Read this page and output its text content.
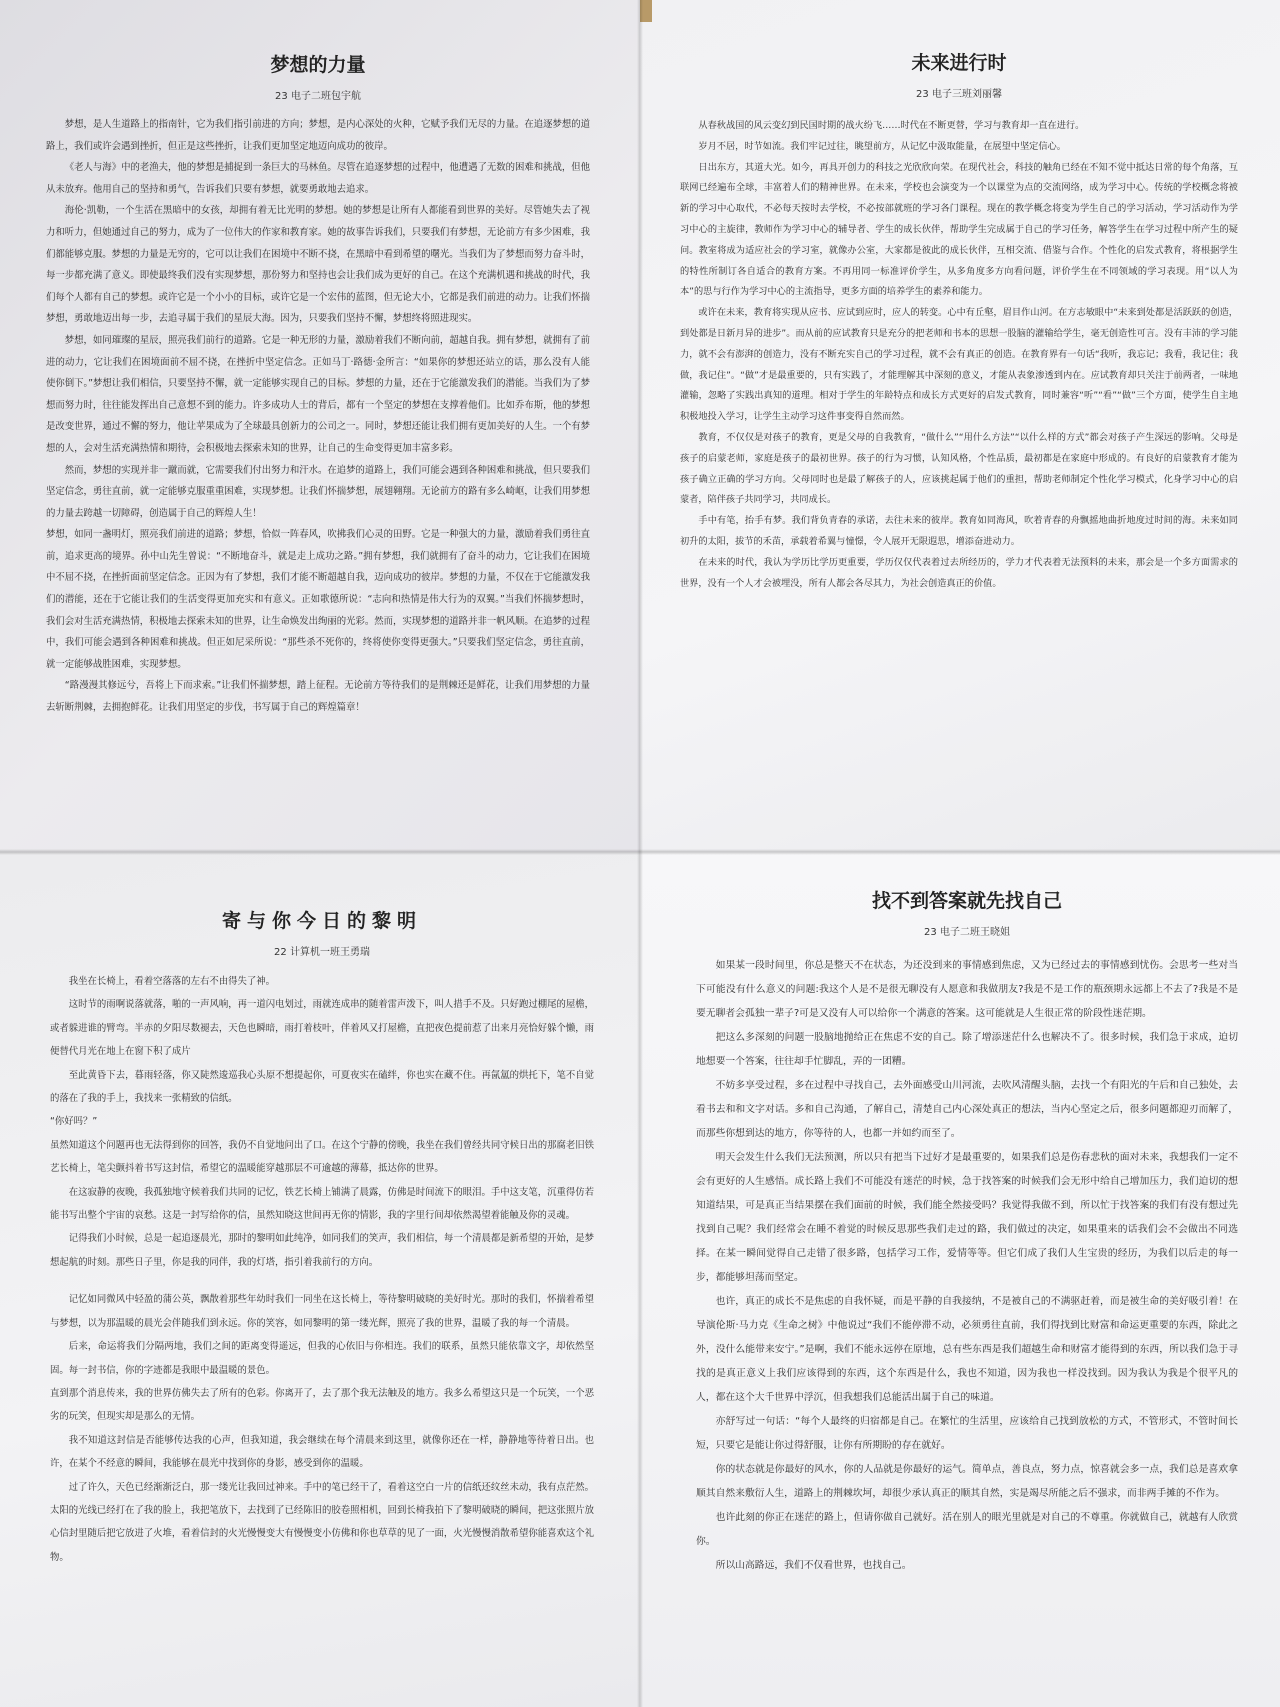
梦想的力量
23 电子二班包宇航

梦想，是人生道路上的指南针，它为我们指引前进的方向；梦想，是内心深处的火种，它赋予我们无尽的力量。在追逐梦想的道路上，我们或许会遇到挫折，但正是这些挫折，让我们更加坚定地迈向成功的彼岸。

《老人与海》中的老渔夫，他的梦想是捕捉到一条巨大的马林鱼。尽管在追逐梦想的过程中，他遭遇了无数的困难和挑战，但他从未放弃。他用自己的坚持和勇气，告诉我们只要有梦想，就要勇敢地去追求。

海伦·凯勒，一个生活在黑暗中的女孩，却拥有着无比光明的梦想。她的梦想是让所有人都能看到世界的美好。尽管她失去了视力和听力，但她通过自己的努力，成为了一位伟大的作家和教育家。她的故事告诉我们，只要我们有梦想，无论前方有多少困难，我们都能够克服。梦想的力量是无穷的，它可以让我们在困境中不断不挠，在黑暗中看到希望的曙光。当我们为了梦想而努力奋斗时，每一步都充满了意义。即使最终我们没有实现梦想，那份努力和坚持也会让我们成为更好的自己。在这个充满机遇和挑战的时代，我们每个人都有自己的梦想。或许它是一个小小的目标，或许它是一个宏伟的蓝图，但无论大小，它都是我们前进的动力。让我们怀揣梦想，勇敢地迈出每一步，去追寻属于我们的星辰大海。因为，只要我们坚持不懈，梦想终将照进现实。

梦想，如同璀璨的星辰，照亮我们前行的道路。它是一种无形的力量，激励着我们不断向前，超越自我。拥有梦想，就拥有了前进的动力，它让我们在困境面前不屈不挠，在挫折中坚定信念。正如马丁·路德·金所言：“如果你的梦想还站立的话，那么没有人能使你倒下。”梦想让我们相信，只要坚持不懈，就一定能够实现自己的目标。梦想的力量，还在于它能激发我们的潜能。当我们为了梦想而努力时，往往能发挥出自己意想不到的能力。许多成功人士的背后，都有一个坚定的梦想在支撑着他们。比如乔布斯，他的梦想是改变世界，通过不懈的努力，他让苹果成为了全球最具创新力的公司之一。同时，梦想还能让我们拥有更加美好的人生。一个有梦想的人，会对生活充满热情和期待，会积极地去探索未知的世界，让自己的生命变得更加丰富多彩。

然而，梦想的实现并非一蹴而就，它需要我们付出努力和汗水。在追梦的道路上，我们可能会遇到各种困难和挑战，但只要我们坚定信念，勇往直前，就一定能够克服重重困难，实现梦想。让我们怀揣梦想，展翅翱翔。无论前方的路有多么崎岖，让我们用梦想的力量去跨越一切障碍，创造属于自己的辉煌人生！

梦想，如同一盏明灯，照亮我们前进的道路；梦想，恰似一阵春风，吹拂我们心灵的田野。它是一种强大的力量，激励着我们勇往直前，追求更高的境界。孙中山先生曾说：“不断地奋斗，就是走上成功之路。”拥有梦想，我们就拥有了奋斗的动力，它让我们在困境中不屈不挠，在挫折面前坚定信念。正因为有了梦想，我们才能不断超越自我，迈向成功的彼岸。梦想的力量，不仅在于它能激发我们的潜能，还在于它能让我们的生活变得更加充实和有意义。正如歌德所说：“志向和热情是伟大行为的双翼。”当我们怀揣梦想时，我们会对生活充满热情，积极地去探索未知的世界，让生命焕发出绚丽的光彩。然而，实现梦想的道路并非一帆风顺。在追梦的过程中，我们可能会遇到各种困难和挑战。但正如尼采所说：“那些杀不死你的，终将使你变得更强大。”只要我们坚定信念，勇往直前，就一定能够战胜困难，实现梦想。

“路漫漫其修远兮，吾将上下而求索。”让我们怀揣梦想，踏上征程。无论前方等待我们的是荆棘还是鲜花，让我们用梦想的力量去斩断荆棘，去拥抱鲜花。让我们用坚定的步伐，书写属于自己的辉煌篇章！

未来进行时
23 电子三班刘丽馨

从春秋战国的风云变幻到民国时期的战火纷飞……时代在不断更替，学习与教育却一直在进行。

岁月不居，时节如流。我们牢记过往，眺望前方，从记忆中汲取能量，在展望中坚定信心。

日出东方，其道大光。如今，再具开创力的科技之光欣欣向荣。在现代社会，科技的触角已经在不知不觉中抵达日常的每个角落，互联网已经遍布全球，丰富着人们的精神世界。在未来，学校也会演变为一个以课堂为点的交流网络，成为学习中心。传统的学校概念将被新的学习中心取代，不必每天按时去学校，不必按部就班的学习各门课程。现在的教学概念将变为学生自己的学习活动，学习活动作为学习中心的主旋律，教师作为学习中心的辅导者、学生的成长伙伴，帮助学生完成属于自己的学习任务，解答学生在学习过程中所产生的疑问。教室将成为适应社会的学习室，就像办公室，大家都是彼此的成长伙伴，互相交流、借鉴与合作。个性化的启发式教育，将根据学生的特性所制订各自适合的教育方案。不再用同一标准评价学生，从多角度多方向看问题，评价学生在不同领域的学习表现。用“以人为本”的思与行作为学习中心的主流指导，更多方面的培养学生的素养和能力。

或许在未来，教育将实现从应书、应试到应时，应人的转变。心中有丘壑，眉目作山河。在方志敏眼中“未来到处都是活跃跃的创造，到处都是日新月异的进步”。而从前的应试教育只是充分的把老师和书本的思想一股脑的灌输给学生，毫无创造性可言。没有丰沛的学习能力，就不会有澎湃的创造力，没有不断充实自己的学习过程，就不会有真正的创造。在教育界有一句话“我听，我忘记；我看，我记住；我做，我记住”。“做”才是最重要的，只有实践了，才能理解其中深刻的意义，才能从表象渗透到内在。应试教育却只关注于前两者，一味地灌输，忽略了实践出真知的道理。相对于学生的年龄特点和成长方式更好的启发式教育，同时兼容“听”“看”“做”三个方面，使学生自主地积极地投入学习，让学生主动学习这件事变得自然而然。

教育，不仅仅是对孩子的教育，更是父母的自我教育，“做什么”“用什么方法”“以什么样的方式”都会对孩子产生深远的影响。父母是孩子的启蒙老师，家庭是孩子的最初世界。孩子的行为习惯，认知风格，个性品质，最初都是在家庭中形成的。有良好的启蒙教育才能为孩子确立正确的学习方向。父母同时也是最了解孩子的人，应该挑起属于他们的重担，帮助老师制定个性化学习模式，化身学习中心的启蒙者，陪伴孩子共同学习，共同成长。

手中有笔，抬手有梦。我们背负青春的承诺，去往未来的彼岸。教育如同海风，吹着青春的舟飘摇地曲折地度过时间的海。未来如同初升的太阳，拔节的禾苗，承载着希翼与憧憬，令人展开无限遐思，增添奋进动力。

在未来的时代，我认为学历比学历更重要，学历仅仅代表着过去所经历的，学力才代表着无法预料的未来，那会是一个多方面需求的世界，没有一个人才会被埋没，所有人都会各尽其力，为社会创造真正的价值。

寄与你今日的黎明
22 计算机一班王勇瑞

我坐在长椅上，看着空落落的左右不由得失了神。

这时节的雨啊说落就落，啪的一声风响，再一道闪电划过，雨就连成串的随着雷声泼下，叫人措手不及。只好跑过棚尾的屋檐，或者躲进谁的臂弯。半赤的夕阳尽数褪去，天色也瞬暗，雨打着枝叶，伴着风又打屋檐，直把夜色提前惹了出来月亮恰好躲个懒，雨便替代月光在地上在窗下积了成片

至此黄昏下去，暮雨轻落，你又陡然逡巡我心头原不想提起你，可夏夜实在磕绊，你也实在藏不住。再氤氲的烘托下，笔不自觉的落在了我的手上，我找来一张精致的信纸。

“你好吗？”

虽然知道这个问题再也无法得到你的回答，我仍不自觉地问出了口。在这个宁静的傍晚，我坐在我们曾经共同守候日出的那腐老旧铁艺长椅上，笔尖颤抖着书写这封信，希望它的温暖能穿越那层不可逾越的薄幕，抵达你的世界。

在这寂静的夜晚，我孤独地守候着我们共同的记忆，铁艺长椅上铺满了晨露，仿佛是时间流下的眼泪。手中这支笔，沉重得仿若能书写出整个宇宙的哀愁。这是一封写给你的信，虽然知晓这世间再无你的情影，我的字里行间却依然渴望着能触及你的灵魂。

记得我们小时候，总是一起追逐晨光，那时的黎明如此纯净，如同我们的笑声，我们相信，每一个清晨都是新希望的开始，是梦想起航的时刻。那些日子里，你是我的同伴，我的灯塔，指引着我前行的方向。

记忆如同微风中轻盈的蒲公英，飘散着那些年幼时我们一同坐在这长椅上，等待黎明破晓的美好时光。那时的我们，怀揣着希望与梦想，以为那温暖的晨光会伴随我们到永远。你的笑容，如同黎明的第一缕光辉，照亮了我的世界，温暖了我的每一个清晨。

后来，命运将我们分隔两地，我们之间的距离变得遥远，但我的心依旧与你相连。我们的联系，虽然只能依靠文字，却依然坚固。每一封书信，你的字迹都是我眼中最温暖的景色。

直到那个消息传来，我的世界仿佛失去了所有的色彩。你离开了，去了那个我无法触及的地方。我多么希望这只是一个玩笑，一个恶劣的玩笑，但现实却是那么的无情。

我不知道这封信是否能够传达我的心声，但我知道，我会继续在每个清晨来到这里，就像你还在一样，静静地等待着日出。也许，在某个不经意的瞬间，我能够在晨光中找到你的身影，感受到你的温暖。

过了许久，天色已经渐渐泛白，那一缕光让我回过神来。手中的笔已经干了，看着这空白一片的信纸还纹丝未动，我有点茫然。太阳的光线已经打在了我的脸上，我把笔放下，去找到了已经陈旧的胶卷照相机，回到长椅我拍下了黎明破晓的瞬间，把这张照片放心信封里随后把它放进了火堆，看着信封的火光慢慢变大有慢慢变小仿佛和你也草草的见了一面，火光慢慢消散希望你能喜欢这个礼物。

找不到答案就先找自己
23 电子二班王晓姐

如果某一段时间里，你总是整天不在状态，为还没到来的事情感到焦虑，又为已经过去的事情感到忧伤。会思考一些对当下可能没有什么意义的问题:我这个人是不是很无聊没有人愿意和我做朋友?我是不是工作的瓶颈期永远都上不去了?我是不是要无聊者会孤独一辈子?可是又没有人可以给你一个满意的答案。这可能就是人生很正常的阶段性迷茫期。

把这么多深刻的问题一股脑地抛给正在焦虑不安的自己。除了增添迷茫什么也解决不了。很多时候，我们急于求成，迫切地想要一个答案，往往却手忙脚乱，弄的一团糟。

不妨多享受过程，多在过程中寻找自己，去外面感受山川河流，去吹风清醒头脑，去找一个有阳光的午后和自己独处，去看书去和和文字对话。多和自己沟通，了解自己，清楚自己内心深处真正的想法，当内心坚定之后，很多问题都迎刃而解了，而那些你想到达的地方，你等待的人，也都一并如约而至了。

明天会发生什么我们无法预测，所以只有把当下过好才是最重要的，如果我们总是伤春悲秋的面对未来，我想我们一定不会有更好的人生感悟。成长路上我们不可能没有迷茫的时候，急于找答案的时候我们会无形中给自己增加压力，我们迫切的想知道结果，可是真正当结果摆在我们面前的时候，我们能全然接受吗？我觉得我做不到，所以忙于找答案的我们有没有想过先找到自己呢？我们经常会在睡不着觉的时候反思那些我们走过的路，我们做过的决定，如果重来的话我们会不会做出不同选择。在某一瞬间觉得自己走错了很多路，包括学习工作，爱情等等。但它们成了我们人生宝贵的经历，为我们以后走的每一步，都能够坦荡而坚定。

也许，真正的成长不是焦虑的自我怀疑，而是平静的自我接纳，不是被自己的不满驱赶着，而是被生命的美好吸引着！在导演伦斯·马力克《生命之树》中他说过“我们不能停滞不动，必须勇往直前，我们得找到比财富和命运更重要的东西，除此之外，没什么能带来安宁。”是啊，我们不能永远停在原地，总有些东西是我们超越生命和财富才能得到的东西，所以我们急于寻找的是真正意义上我们应该得到的东西，这个东西是什么，我也不知道，因为我也一样没找到。因为我认为我是个很平凡的人，都在这个大千世界中浮沉，但我想我们总能活出属于自己的味道。

亦舒写过一句话：“每个人最终的归宿都是自己。在繁忙的生活里，应该给自己找到放松的方式，不管形式，不管时间长短，只要它是能让你过得舒服，让你有所期盼的存在就好。

你的状态就是你最好的风水，你的人品就是你最好的运气。简单点，善良点，努力点，惊喜就会多一点，我们总是喜欢拿顺其自然来敷衍人生，道路上的荆棘坎坷，却很少承认真正的顺其自然，实是竭尽所能之后不强求，而非两手摊的不作为。

也许此刻的你正在迷茫的路上，但请你做自己就好。活在别人的眼光里就是对自己的不尊重。你就做自己，就越有人欣赏你。

所以山高路远，我们不仅看世界，也找自己。
